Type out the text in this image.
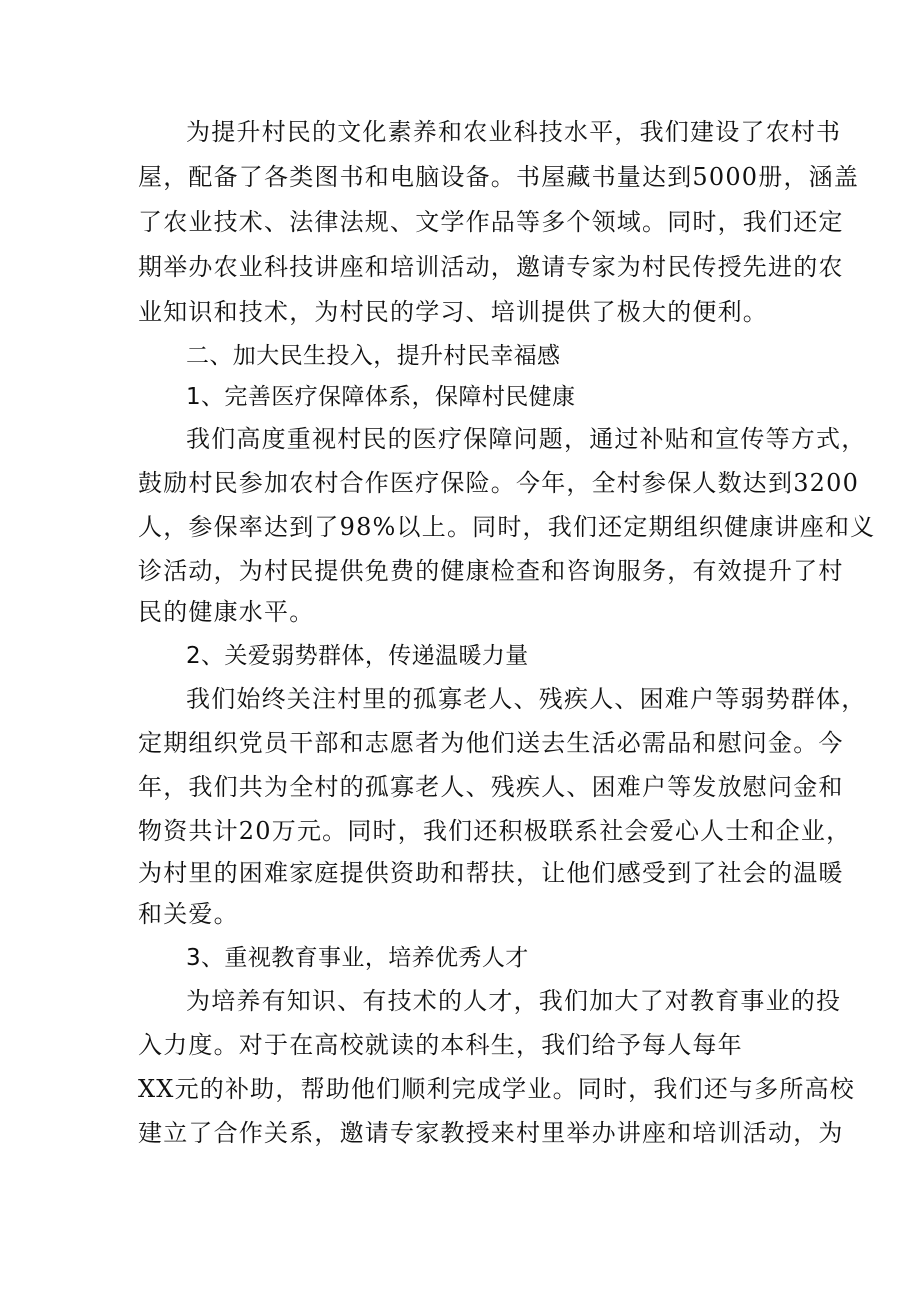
为提升村民的文化素养和农业科技水平，我们建设了农村书
屋，配备了各类图书和电脑设备。书屋藏书量达到5000册，涵盖
了农业技术、法律法规、文学作品等多个领域。同时，我们还定
期举办农业科技讲座和培训活动，邀请专家为村民传授先进的农
业知识和技术，为村民的学习、培训提供了极大的便利。
二、加大民生投入，提升村民幸福感
1、完善医疗保障体系，保障村民健康
我们高度重视村民的医疗保障问题，通过补贴和宣传等方式，
鼓励村民参加农村合作医疗保险。今年，全村参保人数达到3200
人，参保率达到了98%以上。同时，我们还定期组织健康讲座和义
诊活动，为村民提供免费的健康检查和咨询服务，有效提升了村
民的健康水平。
2、关爱弱势群体，传递温暖力量
我们始终关注村里的孤寡老人、残疾人、困难户等弱势群体，
定期组织党员干部和志愿者为他们送去生活必需品和慰问金。今
年，我们共为全村的孤寡老人、残疾人、困难户等发放慰问金和
物资共计20万元。同时，我们还积极联系社会爱心人士和企业，
为村里的困难家庭提供资助和帮扶，让他们感受到了社会的温暖
和关爱。
3、重视教育事业，培养优秀人才
为培养有知识、有技术的人才，我们加大了对教育事业的投
入力度。对于在高校就读的本科生，我们给予每人每年
XX元的补助，帮助他们顺利完成学业。同时，我们还与多所高校
建立了合作关系，邀请专家教授来村里举办讲座和培训活动，为
